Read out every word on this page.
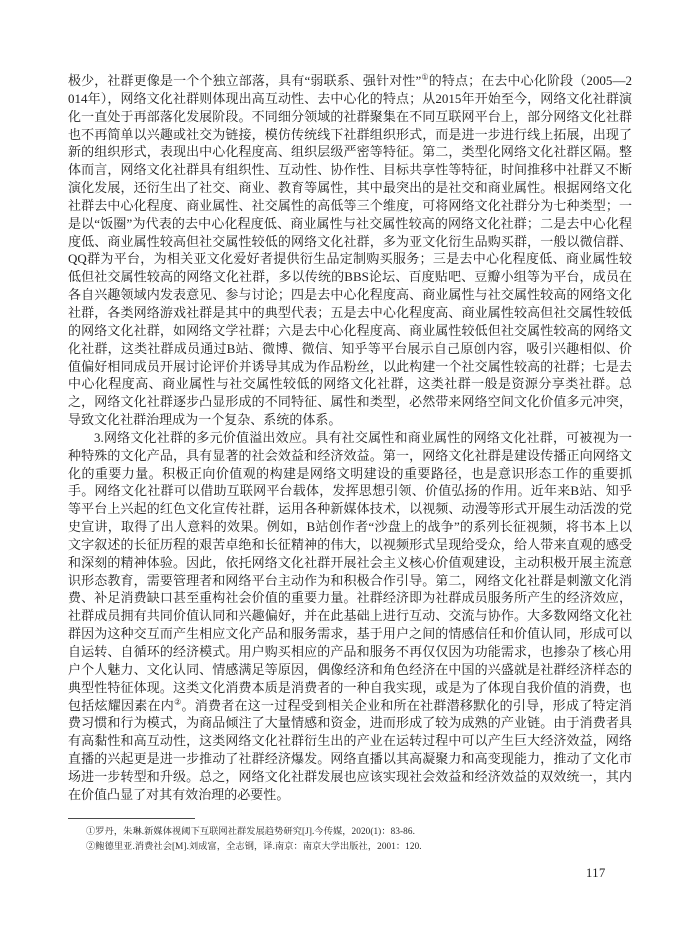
极少，社群更像是一个个独立部落，具有“弱联系、强针对性”①的特点；在去中心化阶段（2005—2014年），网络文化社群则体现出高互动性、去中心化的特点；从2015年开始至今，网络文化社群演化一直处于再部落化发展阶段。不同细分领域的社群聚集在不同互联网平台上，部分网络文化社群也不再简单以兴趣或社交为链接，模仿传统线下社群组织形式，而是进一步进行线上拓展，出现了新的组织形式，表现出中心化程度高、组织层级严密等特征。第二，类型化网络文化社群区隔。整体而言，网络文化社群具有组织性、互动性、协作性、目标共享性等特征，时间推移中社群又不断演化发展，还衍生出了社交、商业、教育等属性，其中最突出的是社交和商业属性。根据网络文化社群去中心化程度、商业属性、社交属性的高低等三个维度，可将网络文化社群分为七种类型；一是以“饭圈”为代表的去中心化程度低、商业属性与社交属性较高的网络文化社群；二是去中心化程度低、商业属性较高但社交属性较低的网络文化社群，多为亚文化衍生品购买群，一般以微信群、QQ群为平台，为相关亚文化爱好者提供衍生品定制购买服务；三是去中心化程度低、商业属性较低但社交属性较高的网络文化社群，多以传统的BBS论坛、百度贴吧、豆瓣小组等为平台，成员在各自兴趣领域内发表意见、参与讨论；四是去中心化程度高、商业属性与社交属性较高的网络文化社群，各类网络游戏社群是其中的典型代表；五是去中心化程度高、商业属性较高但社交属性较低的网络文化社群，如网络文学社群；六是去中心化程度高、商业属性较低但社交属性较高的网络文化社群，这类社群成员通过B站、微博、微信、知乎等平台展示自己原创内容，吸引兴趣相似、价值偏好相同成员开展讨论评价并诱导其成为作品粉丝，以此构建一个社交属性较高的社群；七是去中心化程度高、商业属性与社交属性较低的网络文化社群，这类社群一般是资源分享类社群。总之，网络文化社群逐步凸显形成的不同特征、属性和类型，必然带来网络空间文化价值多元冲突，导致文化社群治理成为一个复杂、系统的体系。

3.网络文化社群的多元价值溢出效应。具有社交属性和商业属性的网络文化社群，可被视为一种特殊的文化产品，具有显著的社会效益和经济效益。第一，网络文化社群是建设传播正向网络文化的重要力量。积极正向价值观的构建是网络文明建设的重要路径，也是意识形态工作的重要抓手。网络文化社群可以借助互联网平台载体，发挥思想引领、价值弘扬的作用。近年来B站、知乎等平台上兴起的红色文化宣传社群，运用各种新媒体技术，以视频、动漫等形式开展生动活泼的党史宣讲，取得了出人意料的效果。例如，B站创作者“沙盘上的战争”的系列长征视频，将书本上以文字叙述的长征历程的艰苦卓绝和长征精神的伟大，以视频形式呈现给受众，给人带来直观的感受和深刻的精神体验。因此，依托网络文化社群开展社会主义核心价值观建设，主动积极开展主流意识形态教育，需要管理者和网络平台主动作为和积极合作引导。第二，网络文化社群是刺激文化消费、补足消费缺口甚至重构社会价值的重要力量。社群经济即为社群成员服务所产生的经济效应，社群成员拥有共同价值认同和兴趣偏好，并在此基础上进行互动、交流与协作。大多数网络文化社群因为这种交互而产生相应文化产品和服务需求，基于用户之间的情感信任和价值认同，形成可以自运转、自循环的经济模式。用户购买相应的产品和服务不再仅仅因为功能需求，也掺杂了核心用户个人魅力、文化认同、情感满足等原因，偶像经济和角色经济在中国的兴盛就是社群经济样态的典型性特征体现。这类文化消费本质是消费者的一种自我实现，或是为了体现自我价值的消费，也包括炫耀因素在内②。消费者在这一过程受到相关企业和所在社群潜移默化的引导，形成了特定消费习惯和行为模式，为商品倾注了大量情感和资金，进而形成了较为成熟的产业链。由于消费者具有高黏性和高互动性，这类网络文化社群衍生出的产业在运转过程中可以产生巨大经济效益，网络直播的兴起更是进一步推动了社群经济爆发。网络直播以其高凝聚力和高变现能力，推动了文化市场进一步转型和升级。总之，网络文化社群发展也应该实现社会效益和经济效益的双效统一，其内在价值凸显了对其有效治理的必要性。

①罗丹，朱琳.新媒体视阈下互联网社群发展趋势研究[J].今传媒，2020(1)：83-86.

②鲍德里亚.消费社会[M].刘成富，全志钢，译.南京：南京大学出版社，2001：120.

117
